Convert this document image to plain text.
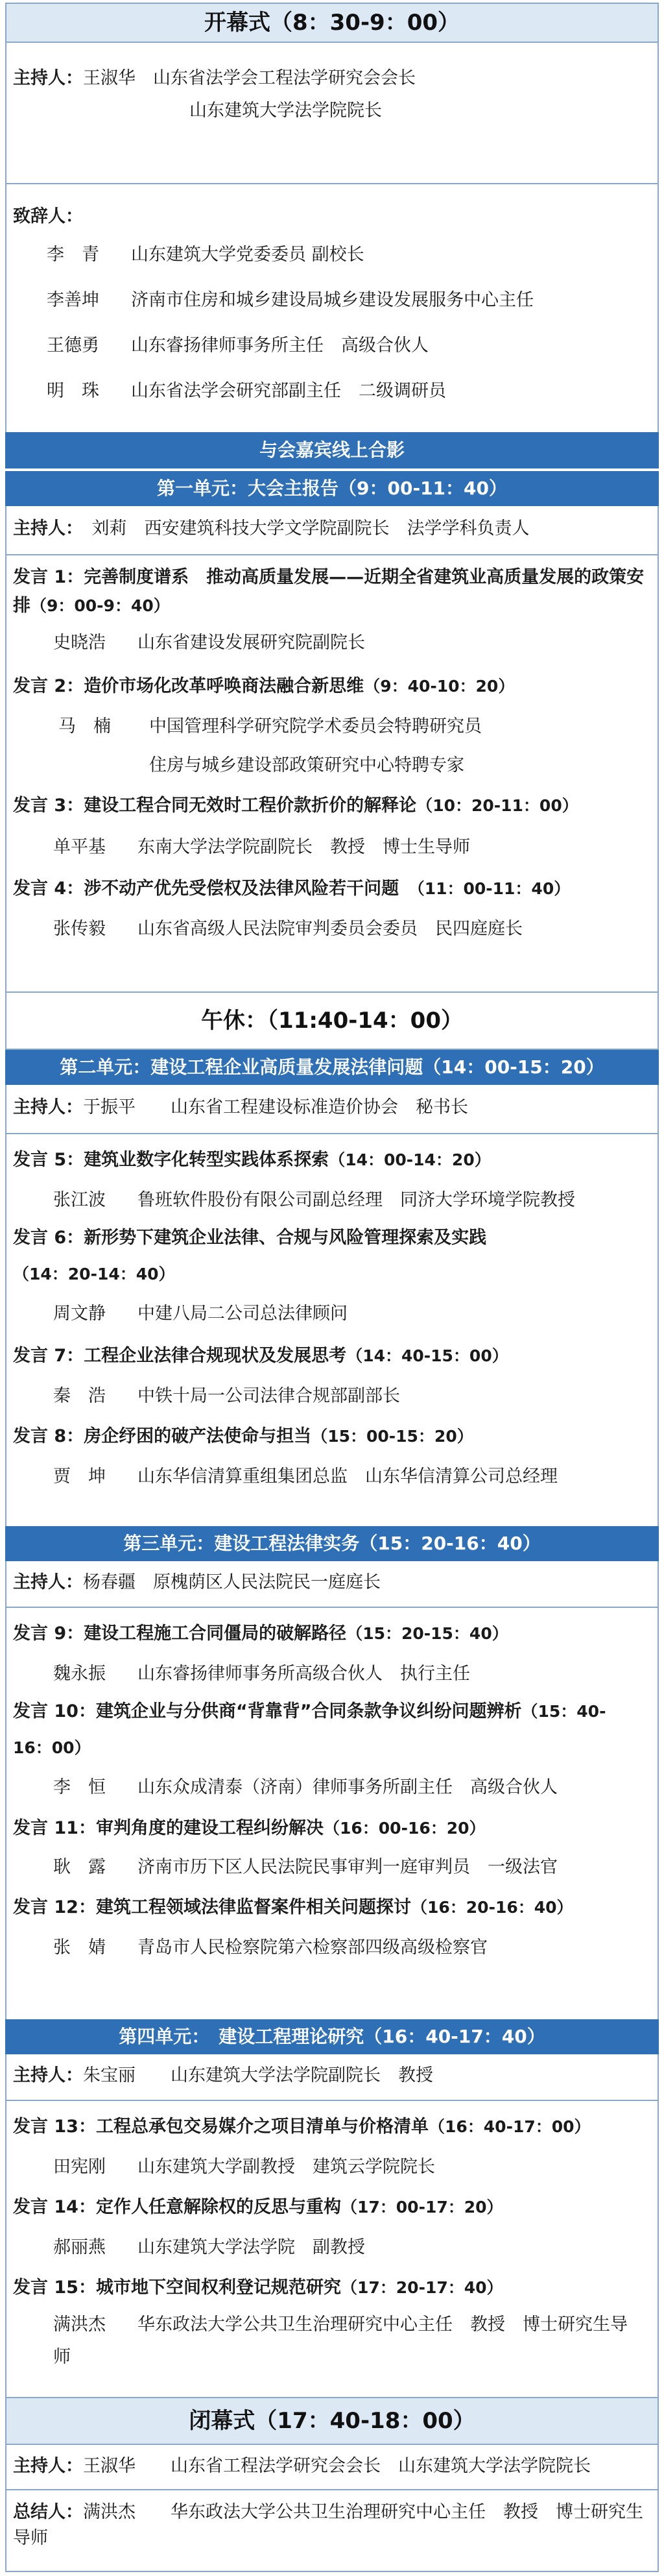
开幕式（8：30-9：00）
主持人：王淑华　 山东省法学会工程法学研究会会长
山东建筑大学法学院院长
致辞人：
李　青 山东建筑大学党委委员 副校长
李善坤 济南市住房和城乡建设局城乡建设发展服务中心主任
王德勇 山东睿扬律师事务所主任　高级合伙人
明　珠 山东省法学会研究部副主任　二级调研员
与会嘉宾线上合影
第一单元：大会主报告（9：00-11：40）
主持人：　 刘莉　西安建筑科技大学文学院副院长　法学学科负责人
发言 1：完善制度谱系　推动高质量发展——近期全省建筑业高质量发展的政策安排（9：00-9：40）
史晓浩 山东省建设发展研究院副院长
发言 2：造价市场化改革呼唤商法融合新思维（9：40-10：20）
马　楠 中国管理科学研究院学术委员会特聘研究员
住房与城乡建设部政策研究中心特聘专家
发言 3：建设工程合同无效时工程价款折价的解释论（10：20-11：00）
单平基 东南大学法学院副院长　教授　博士生导师
发言 4：涉不动产优先受偿权及法律风险若干问题　 （11：00-11：40）
张传毅 山东省高级人民法院审判委员会委员　民四庭庭长
午休：（11:40-14：00）
第二单元：建设工程企业高质量发展法律问题（14：00-15：20）
主持人：于振平　　山东省工程建设标准造价协会　秘书长
发言 5：建筑业数字化转型实践体系探索（14：00-14：20）
张江波 鲁班软件股份有限公司副总经理　同济大学环境学院教授
发言 6：新形势下建筑企业法律、合规与风险管理探索及实践（14：20-14：40）
周文静 中建八局二公司总法律顾问
发言 7：工程企业法律合规现状及发展思考（14：40-15：00）
秦　浩 中铁十局一公司法律合规部副部长
发言 8：房企纾困的破产法使命与担当（15：00-15：20）
贾　坤 山东华信清算重组集团总监　山东华信清算公司总经理
第三单元：建设工程法律实务（15：20-16：40）
主持人：杨春疆　原槐荫区人民法院民一庭庭长
发言 9：建设工程施工合同僵局的破解路径（15：20-15：40）
魏永振 山东睿扬律师事务所高级合伙人　执行主任
发言 10：建筑企业与分供商“背靠背”合同条款争议纠纷问题辨析（15：40-16：00）
李　恒 山东众成清泰（济南）律师事务所副主任　高级合伙人
发言 11：审判角度的建设工程纠纷解决（16：00-16：20）
耿　露 济南市历下区人民法院民事审判一庭审判员　一级法官
发言 12：建筑工程领域法律监督案件相关问题探讨（16：20-16：40）
张　婧 青岛市人民检察院第六检察部四级高级检察官
第四单元：　建设工程理论研究（16：40-17：40）
主持人：朱宝丽　　山东建筑大学法学院副院长　教授
发言 13：工程总承包交易媒介之项目清单与价格清单（16：40-17：00）
田宪刚 山东建筑大学副教授　建筑云学院院长
发言 14：定作人任意解除权的反思与重构（17：00-17：20）
郝丽燕 山东建筑大学法学院　副教授
发言 15：城市地下空间权利登记规范研究（17：20-17：40）
满洪杰 华东政法大学公共卫生治理研究中心主任　教授　博士研究生导师
闭幕式（17：40-18：00）
主持人：王淑华　　山东省工程法学研究会会长　山东建筑大学法学院院长
总结人：满洪杰　　华东政法大学公共卫生治理研究中心主任　教授　博士研究生导师
